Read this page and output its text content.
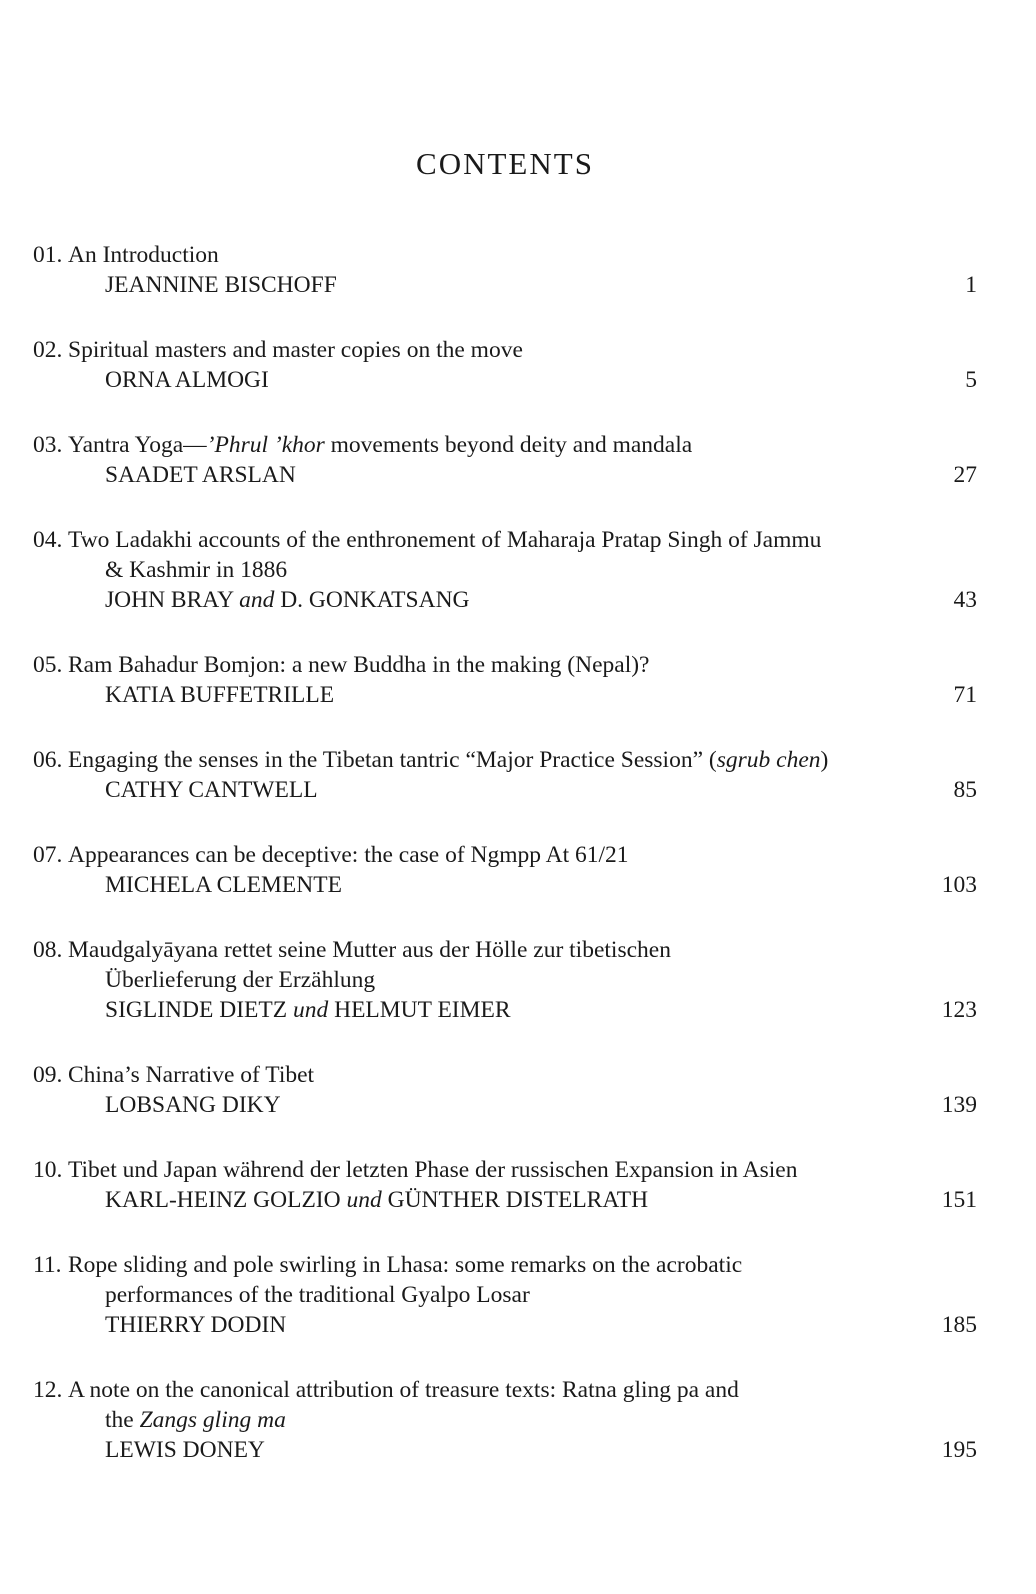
CONTENTS
01. An Introduction
JEANNINE BISCHOFF	1
02. Spiritual masters and master copies on the move
ORNA ALMOGI	5
03. Yantra Yoga—’Phrul ’khor movements beyond deity and mandala
SAADET ARSLAN	27
04. Two Ladakhi accounts of the enthronement of Maharaja Pratap Singh of Jammu
& Kashmir in 1886
JOHN BRAY and D. GONKATSANG	43
05. Ram Bahadur Bomjon: a new Buddha in the making (Nepal)?
KATIA BUFFETRILLE	71
06. Engaging the senses in the Tibetan tantric “Major Practice Session” (sgrub chen)
CATHY CANTWELL	85
07. Appearances can be deceptive: the case of Ngmpp At 61/21
MICHELA CLEMENTE	103
08. Maudgalyāyana rettet seine Mutter aus der Hölle zur tibetischen
Überlieferung der Erzählung
SIGLINDE DIETZ und HELMUT EIMER	123
09. China’s Narrative of Tibet
LOBSANG DIKY	139
10. Tibet und Japan während der letzten Phase der russischen Expansion in Asien
KARL-HEINZ GOLZIO und GÜNTHER DISTELRATH	151
11. Rope sliding and pole swirling in Lhasa: some remarks on the acrobatic
performances of the traditional Gyalpo Losar
THIERRY DODIN	185
12. A note on the canonical attribution of treasure texts: Ratna gling pa and
the Zangs gling ma
LEWIS DONEY	195
